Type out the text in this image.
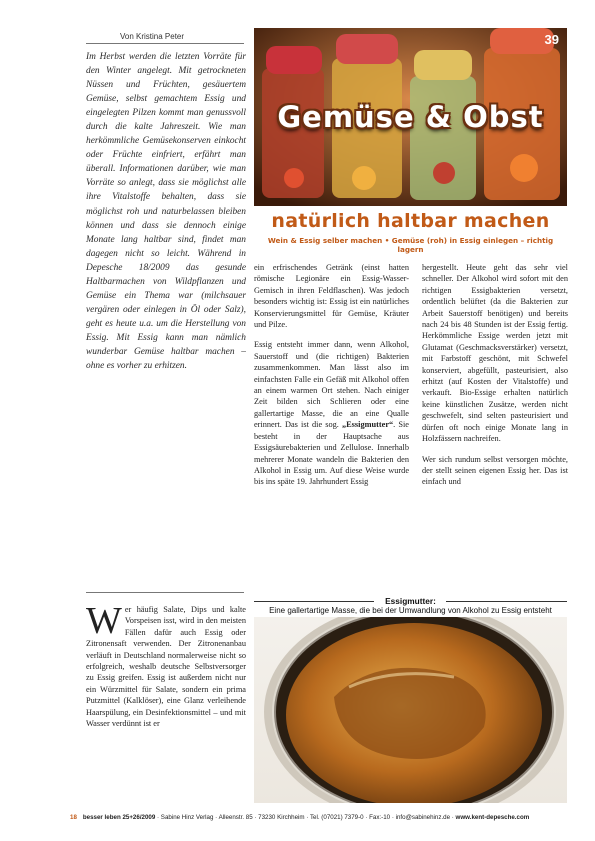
Von Kristina Peter
Im Herbst werden die letzten Vorräte für den Winter angelegt. Mit getrockneten Nüssen und Früchten, gesäuertem Gemüse, selbst gemachtem Essig und eingelegten Pilzen kommt man genussvoll durch die kalte Jahreszeit. Wie man herkömmliche Gemüsekonserven einkocht oder Früchte einfriert, erfährt man überall. Informationen darüber, wie man Vorräte so anlegt, dass sie möglichst alle ihre Vitalstoffe behalten, dass sie möglichst roh und naturbelassen bleiben können und dass sie dennoch einige Monate lang haltbar sind, findet man dagegen nicht so leicht. Während in Depesche 18/2009 das gesunde Haltbarmachen von Wildpflanzen und Gemüse ein Thema war (milchsauer vergären oder einlegen in Öl oder Salz), geht es heute u.a. um die Herstellung von Essig. Mit Essig kann man nämlich wunderbar Gemüse haltbar machen – ohne es vorher zu erhitzen.
Wer häufig Salate, Dips und kalte Vorspeisen isst, wird in den meisten Fällen dafür auch Essig oder Zitronensaft verwenden. Der Zitronenanbau verläuft in Deutschland normalerweise nicht so erfolgreich, weshalb deutsche Selbstversorger zu Essig greifen. Essig ist außerdem nicht nur ein Würzmittel für Salate, sondern ein prima Putzmittel (Kalklöser), eine Glanz verleihende Haarspülung, ein Desinfektionsmittel – und mit Wasser verdünnt ist er
39
Gemüse & Obst
natürlich haltbar machen
Wein & Essig selber machen • Gemüse (roh) in Essig einlegen – richtig lagern

ein erfrischendes Getränk (einst hatten römische Legionäre ein Essig-Wasser-Gemisch in ihren Feldflaschen). Was jedoch besonders wichtig ist: Essig ist ein natürliches Konservierungsmittel für Gemüse, Kräuter und Pilze.

Essig entsteht immer dann, wenn Alkohol, Sauerstoff und (die richtigen) Bakterien zusammenkommen. Man lässt also im einfachsten Falle ein Gefäß mit Alkohol offen an einem warmen Ort stehen. Nach einiger Zeit bilden sich Schlieren oder eine gallertartige Masse, die an eine Qualle erinnert. Das ist die sog. „Essigmutter“. Sie besteht in der Hauptsache aus Essigsäurebakterien und Zellulose. Innerhalb mehrerer Monate wandeln die Bakterien den Alkohol in Essig um. Auf diese Weise wurde bis ins späte 19. Jahrhundert Essig

hergestellt. Heute geht das sehr viel schneller. Der Alkohol wird sofort mit den richtigen Essigbakterien versetzt, ordentlich belüftet (da die Bakterien zur Arbeit Sauerstoff benötigen) und bereits nach 24 bis 48 Stunden ist der Essig fertig. Herkömmliche Essige werden jetzt mit Glutamat (Geschmacksverstärker) versetzt, mit Farbstoff geschönt, mit Schwefel konserviert, abgefüllt, pasteurisiert, also erhitzt (auf Kosten der Vitalstoffe) und verkauft. Bio-Essige erhalten natürlich keine künstlichen Zusätze, werden nicht geschwefelt, sind selten pasteurisiert und dürfen oft noch einige Monate lang in Holzfässern nachreifen.

Wer sich rundum selbst versorgen möchte, der stellt seinen eigenen Essig her. Das ist einfach und

Essigmutter:
Eine gallertartige Masse, die bei der Umwandlung von Alkohol zu Essig entsteht
18 besser leben 25+26/2009 · Sabine Hinz Verlag · Alleenstr. 85 · 73230 Kirchheim · Tel. (07021) 7379-0 · Fax:-10 · info@sabinehinz.de · www.kent-depesche.com
